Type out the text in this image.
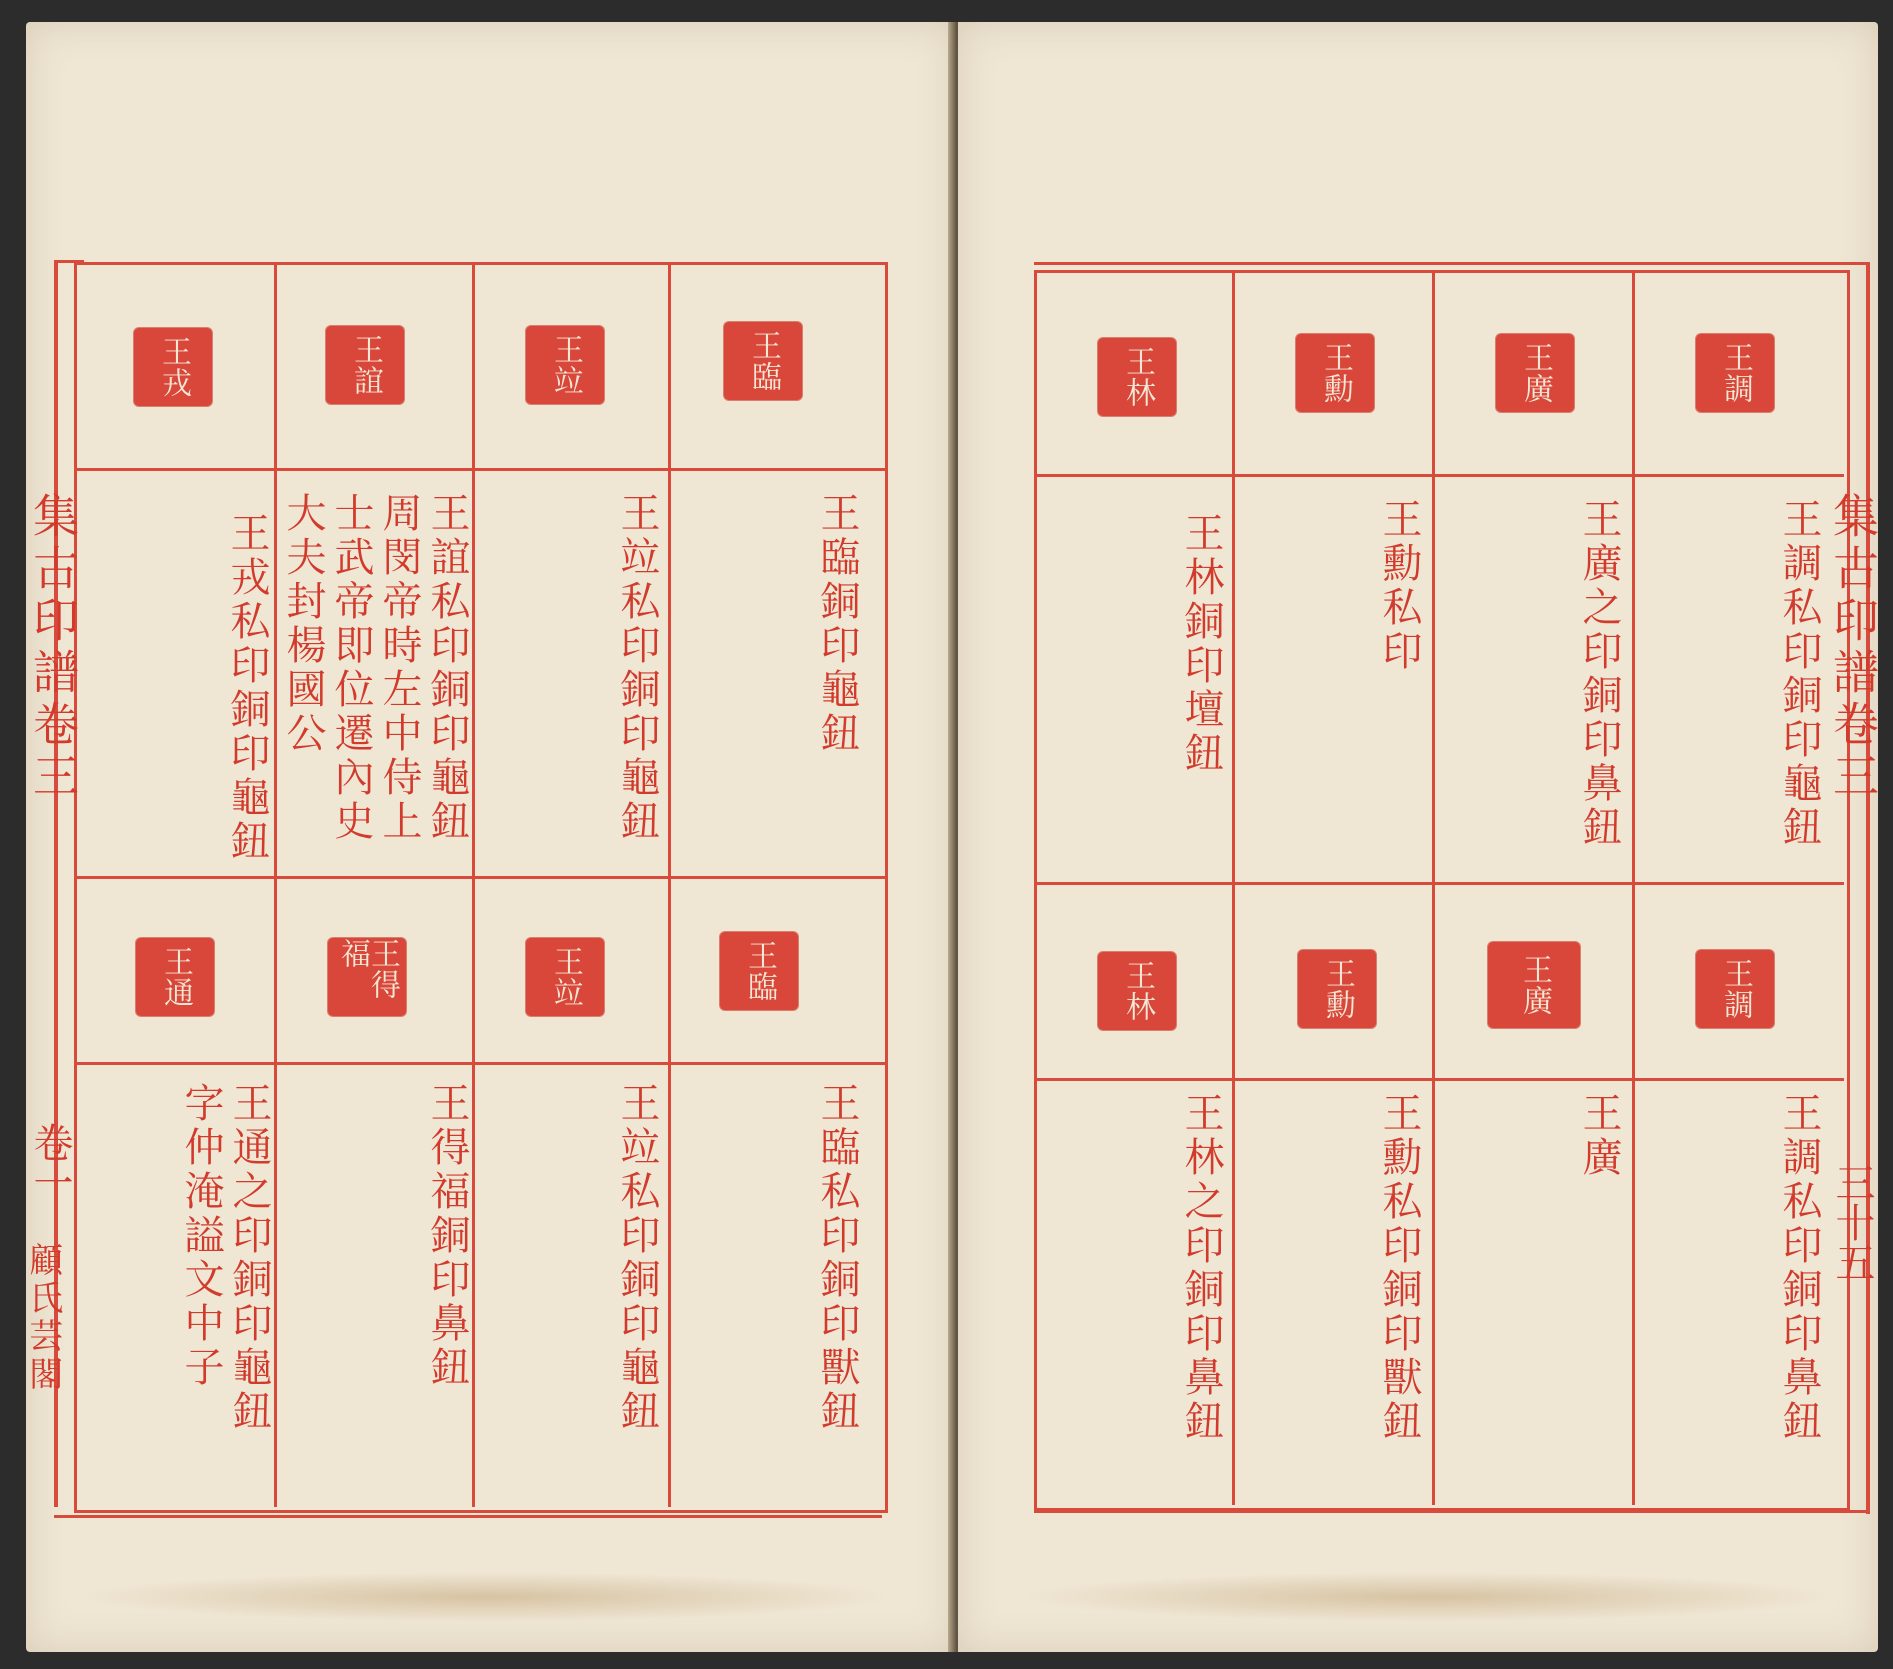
集古印譜卷三
卷一
顧氏芸閣
王臨
王竝
王誼
王戎
王臨銅印龜鈕
王竝私印銅印龜鈕
王誼私印銅印龜鈕
周閔帝時左中侍上
士武帝即位遷內史
大夫封楊國公
王戎私印銅印龜鈕
王臨
王竝
王得福
王通
王臨私印銅印獸鈕
王竝私印銅印龜鈕
王得福銅印鼻鈕
王通之印銅印龜鈕
字仲淹謚文中子
集古印譜卷三
三十五
王調
王廣
王勳
王林
王調私印銅印龜鈕
王廣之印銅印鼻鈕
王勳私印
王林銅印壇鈕
王調
王廣
王勳
王林
王調私印銅印鼻鈕
王廣
王勳私印銅印獸鈕
王林之印銅印鼻鈕
